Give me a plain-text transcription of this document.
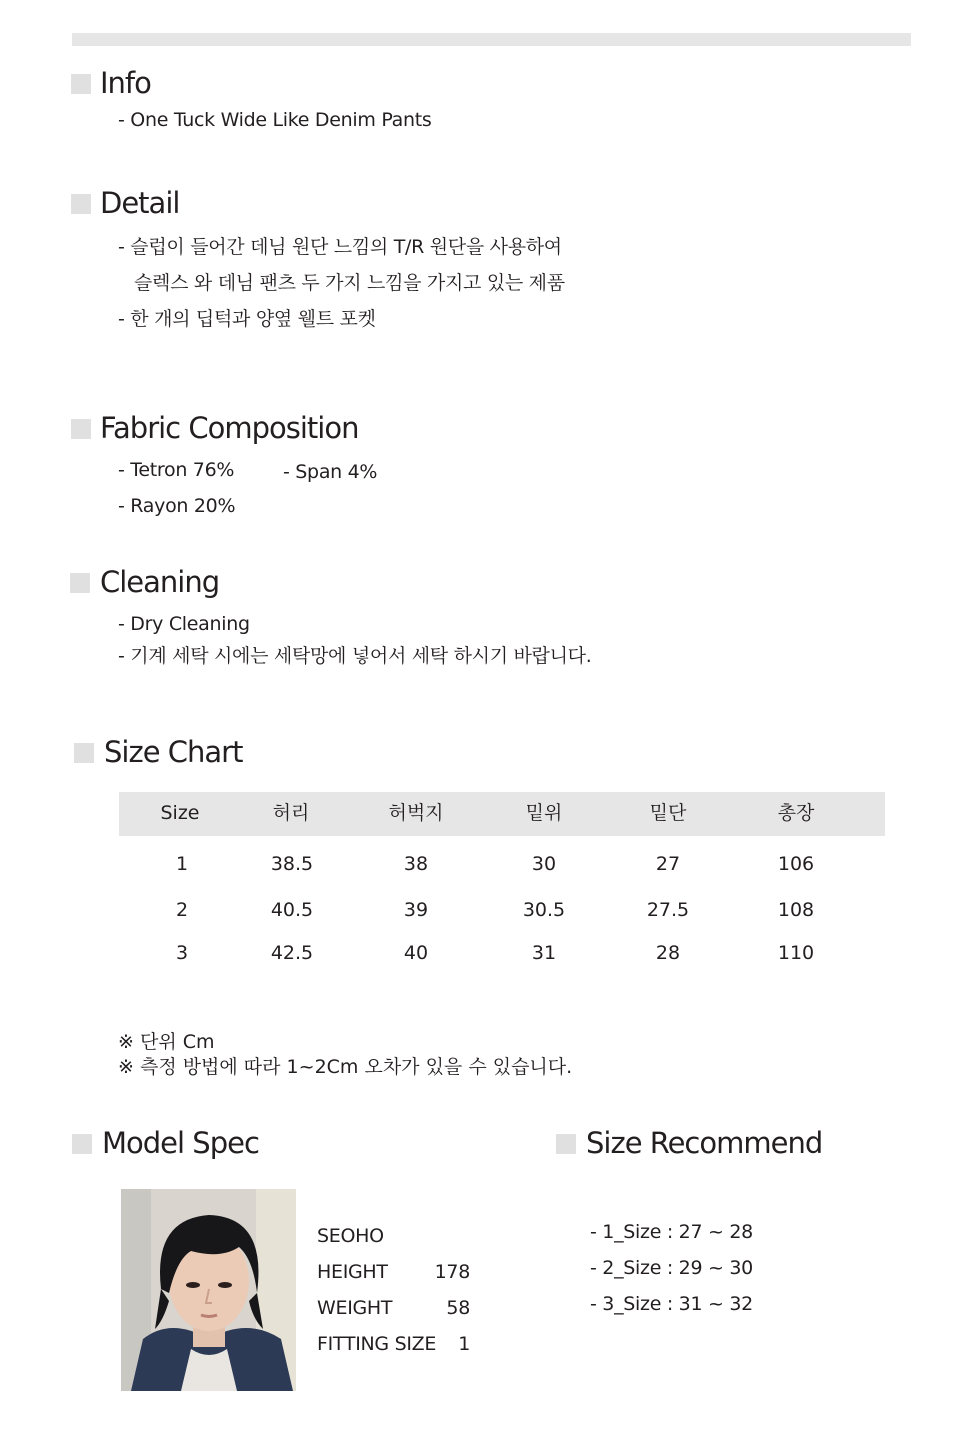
Info
- One Tuck Wide Like Denim Pants
Detail
- 슬럽이 들어간 데님 원단 느낌의 T/R 원단을 사용하여
슬렉스 와 데님 팬츠 두 가지 느낌을 가지고 있는 제품
- 한 개의 딥턱과 양옆 웰트 포켓
Fabric Composition
- Tetron 76%	- Span 4%
- Rayon 20%
Cleaning
- Dry Cleaning
- 기계 세탁 시에는 세탁망에 넣어서 세탁 하시기 바랍니다.
Size Chart
Size	허리	허벅지	밑위	밑단	총장
1	38.5	38	30	27	106
2	40.5	39	30.5	27.5	108
3	42.5	40	31	28	110
※ 단위 Cm
※ 측정 방법에 따라 1~2Cm 오차가 있을 수 있습니다.
Model Spec
SEOHO
HEIGHT	178
WEIGHT	58
FITTING SIZE	1
Size Recommend
- 1_Size : 27 ~ 28
- 2_Size : 29 ~ 30
- 3_Size : 31 ~ 32
